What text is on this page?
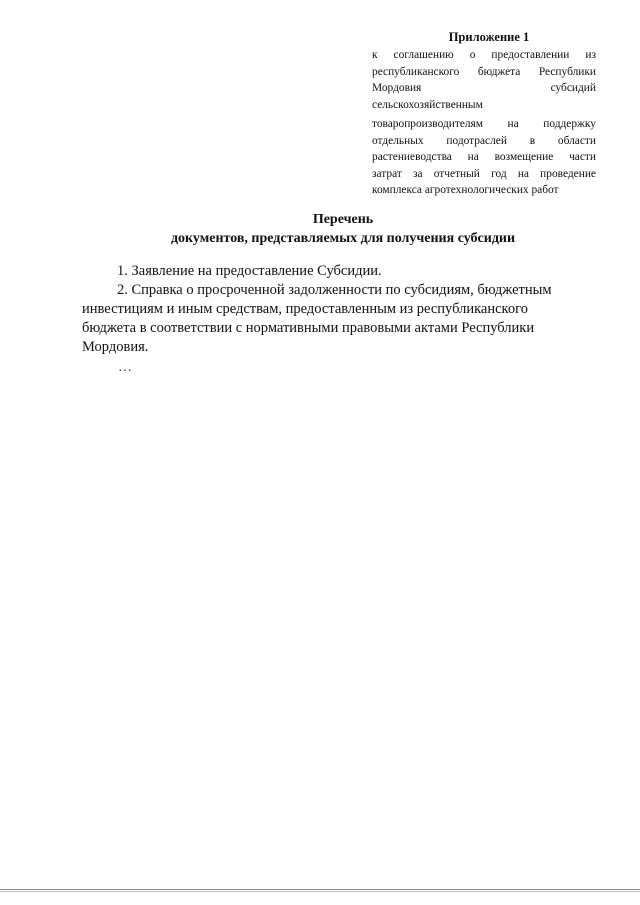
Приложение 1
к соглашению о предоставлении из
республиканского бюджета Республики
Мордовия субсидий
сельскохозяйственным
товаропроизводителям на поддержку
отдельных подотраслей в области
растениеводства на возмещение части
затрат за отчетный год на проведение
комплекса агротехнологических работ
Перечень
документов, представляемых для получения субсидии
1. Заявление на предоставление Субсидии.
2. Справка о просроченной задолженности по субсидиям, бюджетным
инвестициям и иным средствам, предоставленным из республиканского
бюджета в соответствии с нормативными правовыми актами Республики
Мордовия.
…
